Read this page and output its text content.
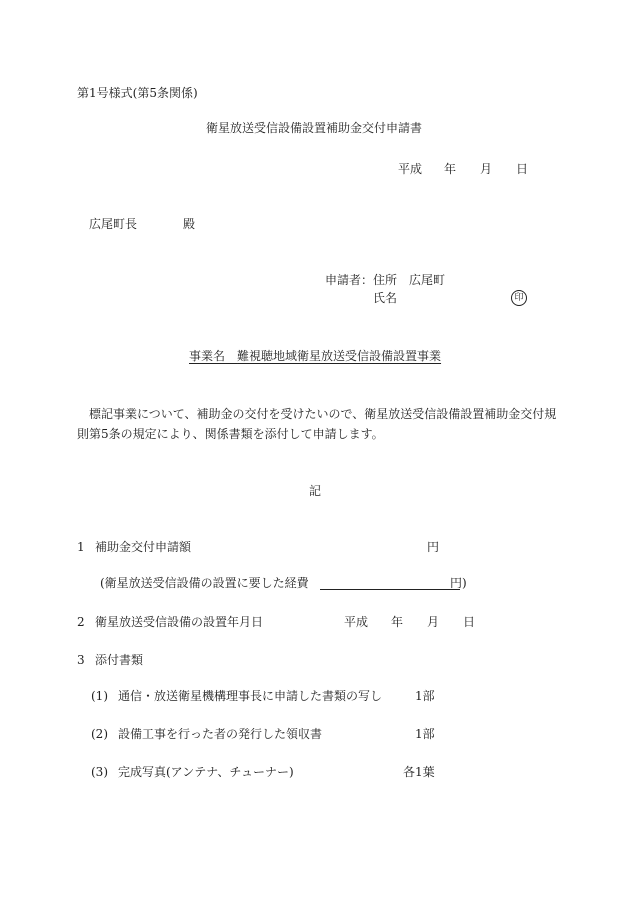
第1号様式(第5条関係)
衛星放送受信設備設置補助金交付申請書
平成 年 月 日
広尾町長	殿
申請者：住所 広尾町
氏名	印
事業名　 難視聴地域衛星放送受信設備設置事業
標記事業について、補助金の交付を受けたいので、衛星放送受信設備設置補助金交付規
則第5条の規定により、関係書類を添付して申請します。
記
1 補助金交付申請額	円
(衛星放送受信設備の設置に要した経費	円 )
2 衛星放送受信設備の設置年月日	平成 年 月 日
3 添付書類
(1) 通信・放送衛星機構理事長に申請した書類の写し	1部
(2) 設備工事を行った者の発行した領収書	1部
(3) 完成写真(アンテナ、チューナー)	各1葉
